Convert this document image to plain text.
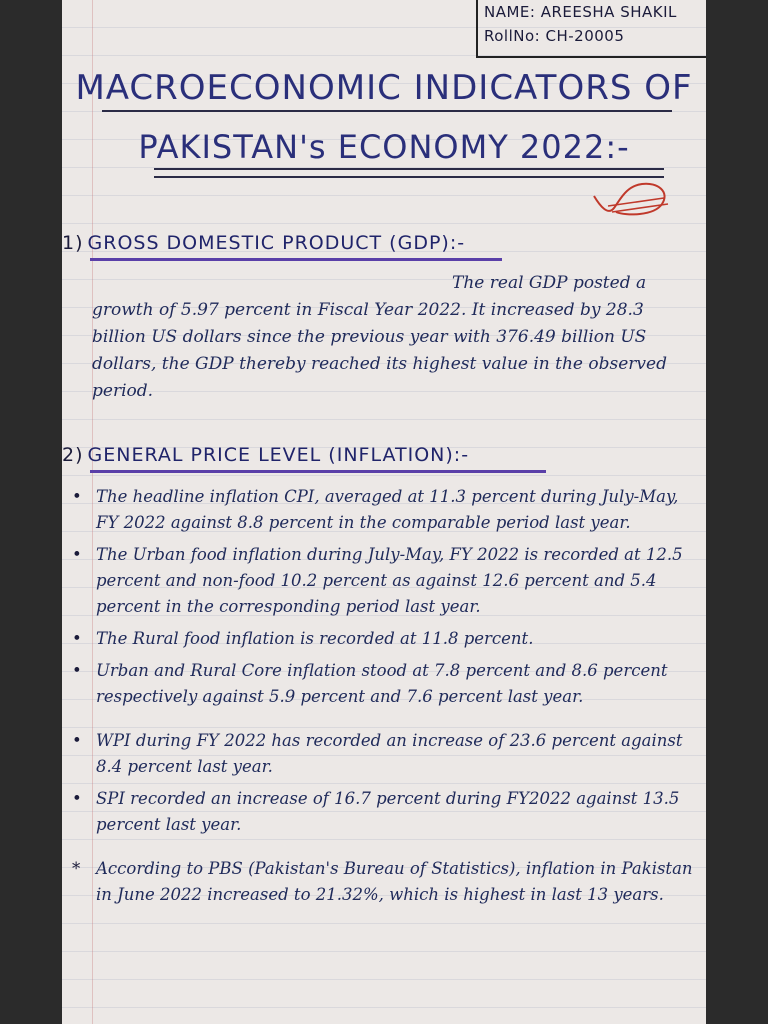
NAME: AREESHA SHAKIL
RollNo: CH-20005
MACROECONOMIC INDICATORS OF
PAKISTAN's ECONOMY 2022:-
1) GROSS DOMESTIC PRODUCT (GDP):-
The real GDP posted a growth of 5.97 percent in Fiscal Year 2022. It increased by 28.3 billion US dollars since the previous year with 376.49 billion US dollars, the GDP thereby reached its highest value in the observed period.
2) GENERAL PRICE LEVEL (INFLATION):-
• The headline inflation CPI, averaged at 11.3 percent during July-May, FY 2022 against 8.8 percent in the comparable period last year.
• The Urban food inflation during July-May, FY 2022 is recorded at 12.5 percent and non-food 10.2 percent as against 12.6 percent and 5.4 percent in the corresponding period last year.
• The Rural food inflation is recorded at 11.8 percent.
• Urban and Rural Core inflation stood at 7.8 percent and 8.6 percent respectively against 5.9 percent and 7.6 percent last year.
• WPI during FY 2022 has recorded an increase of 23.6 percent against 8.4 percent last year.
• SPI recorded an increase of 16.7 percent during FY2022 against 13.5 percent last year.
* According to PBS (Pakistan's Bureau of Statistics), inflation in Pakistan in June 2022 increased to 21.32%, which is highest in last 13 years.
